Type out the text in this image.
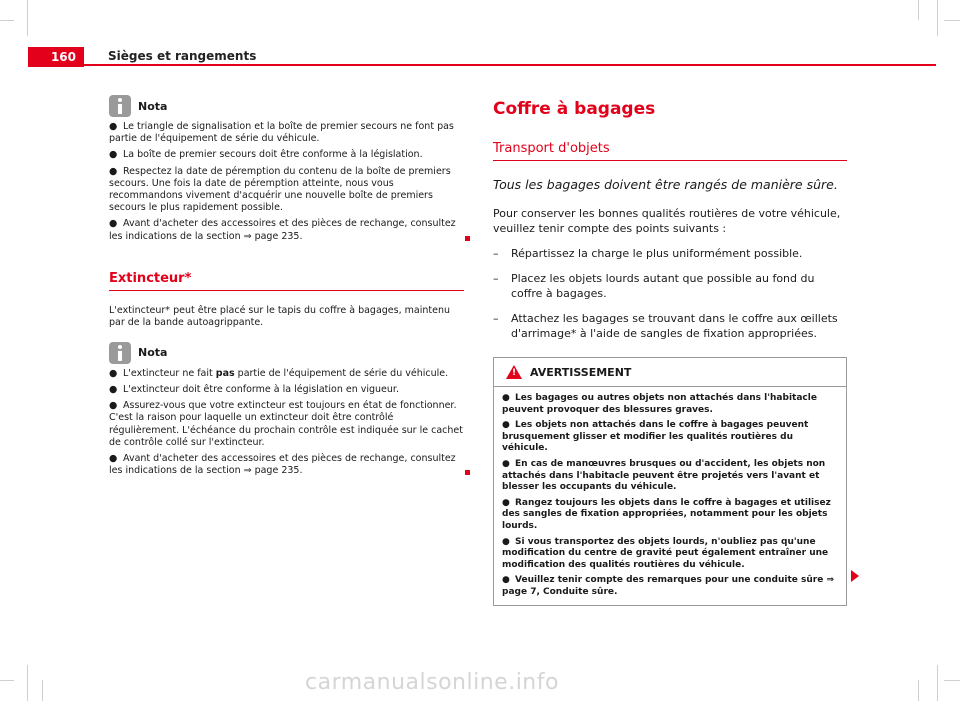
160	Sièges et rangements
Nota
● Le triangle de signalisation et la boîte de premier secours ne font pas partie de l'équipement de série du véhicule.
● La boîte de premier secours doit être conforme à la législation.
● Respectez la date de péremption du contenu de la boîte de premiers secours. Une fois la date de péremption atteinte, nous vous recommandons vivement d'acquérir une nouvelle boîte de premiers secours le plus rapidement possible.
● Avant d'acheter des accessoires et des pièces de rechange, consultez les indications de la section ⇒ page 235.
Extincteur*
L'extincteur* peut être placé sur le tapis du coffre à bagages, maintenu par de la bande autoagrippante.
Nota
● L'extincteur ne fait pas partie de l'équipement de série du véhicule.
● L'extincteur doit être conforme à la législation en vigueur.
● Assurez-vous que votre extincteur est toujours en état de fonctionner. C'est la raison pour laquelle un extincteur doit être contrôlé régulièrement. L'échéance du prochain contrôle est indiquée sur le cachet de contrôle collé sur l'extincteur.
● Avant d'acheter des accessoires et des pièces de rechange, consultez les indications de la section ⇒ page 235.
Coffre à bagages
Transport d'objets
Tous les bagages doivent être rangés de manière sûre.
Pour conserver les bonnes qualités routières de votre véhicule, veuillez tenir compte des points suivants :
–	Répartissez la charge le plus uniformément possible.
–	Placez les objets lourds autant que possible au fond du coffre à bagages.
–	Attachez les bagages se trouvant dans le coffre aux œillets d'arrimage* à l'aide de sangles de fixation appropriées.
! AVERTISSEMENT
● Les bagages ou autres objets non attachés dans l'habitacle peuvent provoquer des blessures graves.
● Les objets non attachés dans le coffre à bagages peuvent brusquement glisser et modifier les qualités routières du véhicule.
● En cas de manœuvres brusques ou d'accident, les objets non attachés dans l'habitacle peuvent être projetés vers l'avant et blesser les occupants du véhicule.
● Rangez toujours les objets dans le coffre à bagages et utilisez des sangles de fixation appropriées, notamment pour les objets lourds.
● Si vous transportez des objets lourds, n'oubliez pas qu'une modification du centre de gravité peut également entraîner une modification des qualités routières du véhicule.
● Veuillez tenir compte des remarques pour une conduite sûre ⇒ page 7, Conduite sûre.
carmanualsonline.info
